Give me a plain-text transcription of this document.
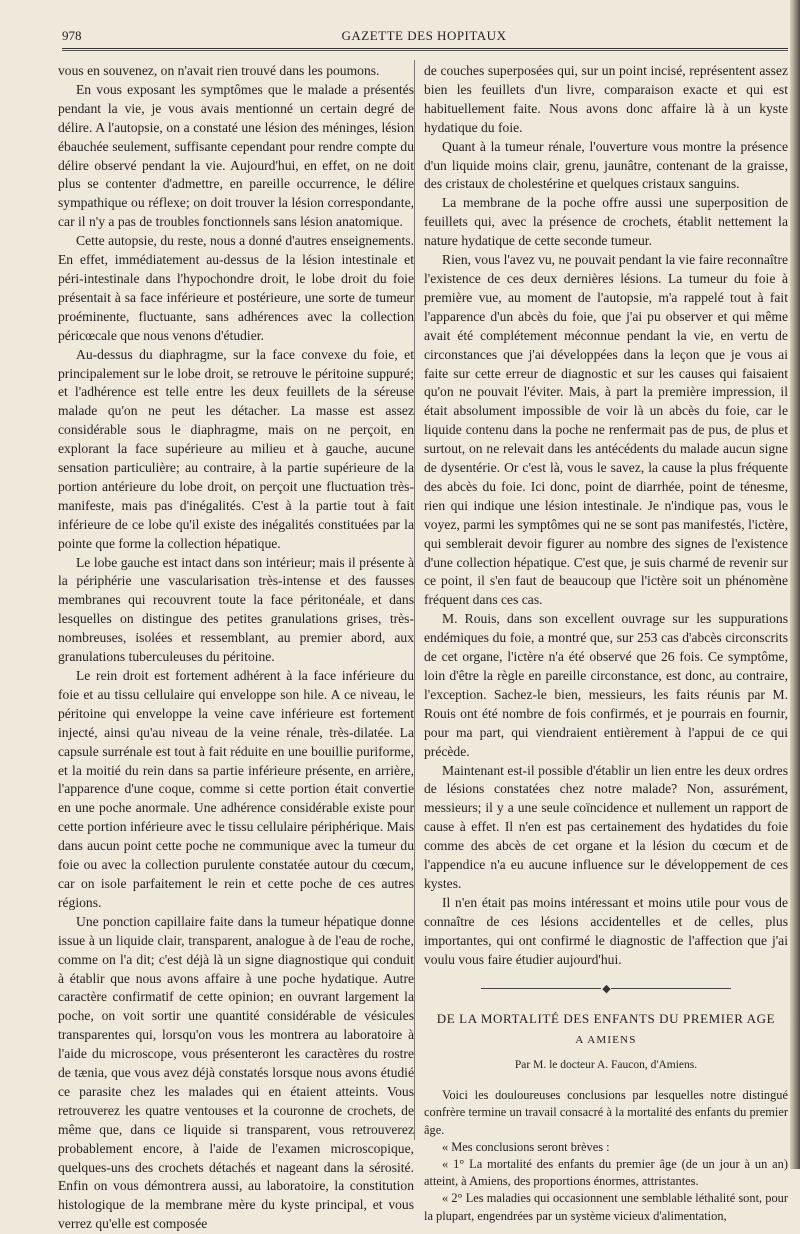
978	GAZETTE DES HOPITAUX

vous en souvenez, on n'avait rien trouvé dans les poumons.

En vous exposant les symptômes que le malade a présentés pendant la vie, je vous avais mentionné un certain degré de délire. A l'autopsie, on a constaté une lésion des méninges, lésion ébauchée seulement, suffisante cependant pour rendre compte du délire observé pendant la vie. Aujourd'hui, en effet, on ne doit plus se contenter d'admettre, en pareille occurrence, le délire sympathique ou réflexe; on doit trouver la lésion correspondante, car il n'y a pas de troubles fonctionnels sans lésion anatomique.

Cette autopsie, du reste, nous a donné d'autres enseignements. En effet, immédiatement au-dessus de la lésion intestinale et péri-intestinale dans l'hypochondre droit, le lobe droit du foie présentait à sa face inférieure et postérieure, une sorte de tumeur proéminente, fluctuante, sans adhérences avec la collection péricœcale que nous venons d'étudier.

Au-dessus du diaphragme, sur la face convexe du foie, et principalement sur le lobe droit, se retrouve le péritoine suppuré; et l'adhérence est telle entre les deux feuillets de la séreuse malade qu'on ne peut les détacher. La masse est assez considérable sous le diaphragme, mais on ne perçoit, en explorant la face supérieure au milieu et à gauche, aucune sensation particulière; au contraire, à la partie supérieure de la portion antérieure du lobe droit, on perçoit une fluctuation très-manifeste, mais pas d'inégalités. C'est à la partie tout à fait inférieure de ce lobe qu'il existe des inégalités constituées par la pointe que forme la collection hépatique.

Le lobe gauche est intact dans son intérieur; mais il présente à la périphérie une vascularisation très-intense et des fausses membranes qui recouvrent toute la face péritonéale, et dans lesquelles on distingue des petites granulations grises, très-nombreuses, isolées et ressemblant, au premier abord, aux granulations tuberculeuses du péritoine.

Le rein droit est fortement adhérent à la face inférieure du foie et au tissu cellulaire qui enveloppe son hile. A ce niveau, le péritoine qui enveloppe la veine cave inférieure est fortement injecté, ainsi qu'au niveau de la veine rénale, très-dilatée. La capsule surrénale est tout à fait réduite en une bouillie puriforme, et la moitié du rein dans sa partie inférieure présente, en arrière, l'apparence d'une coque, comme si cette portion était convertie en une poche anormale. Une adhérence considérable existe pour cette portion inférieure avec le tissu cellulaire périphérique. Mais dans aucun point cette poche ne communique avec la tumeur du foie ou avec la collection purulente constatée autour du cœcum, car on isole parfaitement le rein et cette poche de ces autres régions.

Une ponction capillaire faite dans la tumeur hépatique donne issue à un liquide clair, transparent, analogue à de l'eau de roche, comme on l'a dit; c'est déjà là un signe diagnostique qui conduit à établir que nous avons affaire à une poche hydatique. Autre caractère confirmatif de cette opinion; en ouvrant largement la poche, on voit sortir une quantité considérable de vésicules transparentes qui, lorsqu'on vous les montrera au laboratoire à l'aide du microscope, vous présenteront les caractères du rostre de tænia, que vous avez déjà constatés lorsque nous avons étudié ce parasite chez les malades qui en étaient atteints. Vous retrouverez les quatre ventouses et la couronne de crochets, de même que, dans ce liquide si transparent, vous retrouverez probablement encore, à l'aide de l'examen microscopique, quelques-uns des crochets détachés et nageant dans la sérosité. Enfin on vous démontrera aussi, au laboratoire, la constitution histologique de la membrane mère du kyste principal, et vous verrez qu'elle est composée

de couches superposées qui, sur un point incisé, représentent assez bien les feuillets d'un livre, comparaison exacte et qui est habituellement faite. Nous avons donc affaire là à un kyste hydatique du foie.

Quant à la tumeur rénale, l'ouverture vous montre la présence d'un liquide moins clair, grenu, jaunâtre, contenant de la graisse, des cristaux de cholestérine et quelques cristaux sanguins.

La membrane de la poche offre aussi une superposition de feuillets qui, avec la présence de crochets, établit nettement la nature hydatique de cette seconde tumeur.

Rien, vous l'avez vu, ne pouvait pendant la vie faire reconnaître l'existence de ces deux dernières lésions. La tumeur du foie à première vue, au moment de l'autopsie, m'a rappelé tout à fait l'apparence d'un abcès du foie, que j'ai pu observer et qui même avait été complétement méconnue pendant la vie, en vertu de circonstances que j'ai développées dans la leçon que je vous ai faite sur cette erreur de diagnostic et sur les causes qui faisaient qu'on ne pouvait l'éviter. Mais, à part la première impression, il était absolument impossible de voir là un abcès du foie, car le liquide contenu dans la poche ne renfermait pas de pus, de plus et surtout, on ne relevait dans les antécédents du malade aucun signe de dysentérie. Or c'est là, vous le savez, la cause la plus fréquente des abcès du foie. Ici donc, point de diarrhée, point de ténesme, rien qui indique une lésion intestinale. Je n'indique pas, vous le voyez, parmi les symptômes qui ne se sont pas manifestés, l'ictère, qui semblerait devoir figurer au nombre des signes de l'existence d'une collection hépatique. C'est que, je suis charmé de revenir sur ce point, il s'en faut de beaucoup que l'ictère soit un phénomène fréquent dans ces cas.

M. Rouis, dans son excellent ouvrage sur les suppurations endémiques du foie, a montré que, sur 253 cas d'abcès circonscrits de cet organe, l'ictère n'a été observé que 26 fois. Ce symptôme, loin d'être la règle en pareille circonstance, est donc, au contraire, l'exception. Sachez-le bien, messieurs, les faits réunis par M. Rouis ont été nombre de fois confirmés, et je pourrais en fournir, pour ma part, qui viendraient entièrement à l'appui de ce qui précède.

Maintenant est-il possible d'établir un lien entre les deux ordres de lésions constatées chez notre malade? Non, assurément, messieurs; il y a une seule coïncidence et nullement un rapport de cause à effet. Il n'en est pas certainement des hydatides du foie comme des abcès de cet organe et la lésion du cœcum et de l'appendice n'a eu aucune influence sur le développement de ces kystes.

Il n'en était pas moins intéressant et moins utile pour vous de connaître de ces lésions accidentelles et de celles, plus importantes, qui ont confirmé le diagnostic de l'affection que j'ai voulu vous faire étudier aujourd'hui.

◆
DE LA MORTALITÉ DES ENFANTS DU PREMIER AGE
A AMIENS
Par M. le docteur A. Faucon, d'Amiens.

Voici les douloureuses conclusions par lesquelles notre distingué confrère termine un travail consacré à la mortalité des enfants du premier âge.

« Mes conclusions seront brèves :

« 1° La mortalité des enfants du premier âge (de un jour à un an) atteint, à Amiens, des proportions énormes, attristantes.

« 2° Les maladies qui occasionnent une semblable léthalité sont, pour la plupart, engendrées par un système vicieux d'alimentation,
